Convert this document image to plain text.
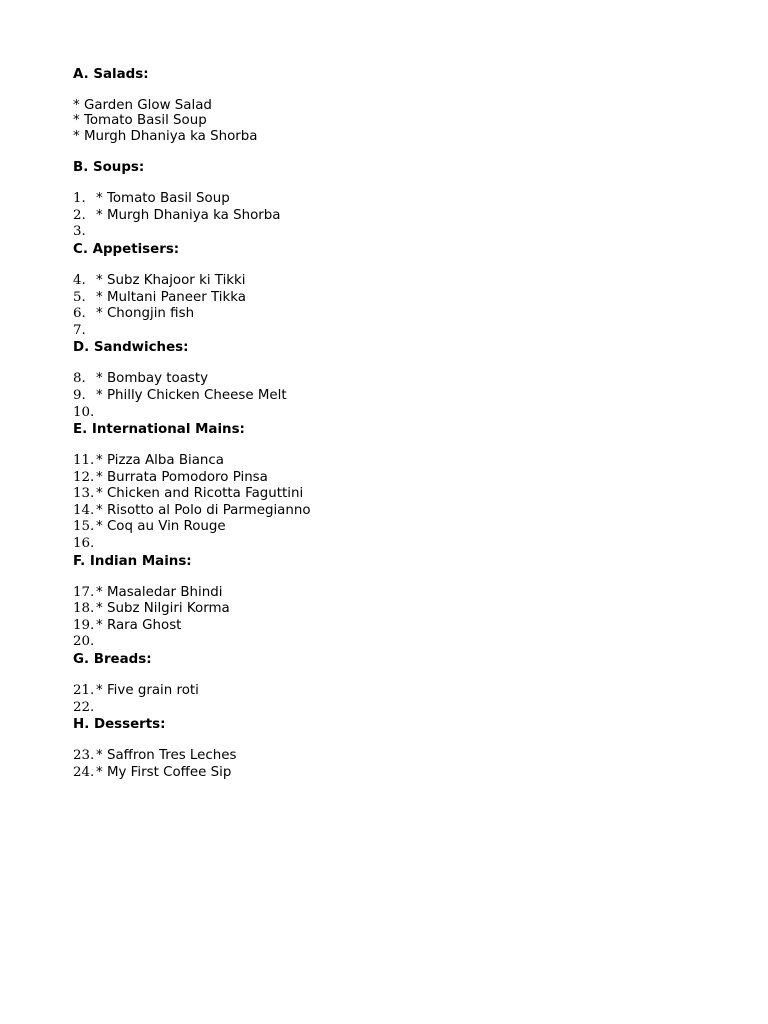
A. Salads:
* Garden Glow Salad
* Tomato Basil Soup
* Murgh Dhaniya ka Shorba
B. Soups:
1. * Tomato Basil Soup
2. * Murgh Dhaniya ka Shorba
3.
C. Appetisers:
4. * Subz Khajoor ki Tikki
5. * Multani Paneer Tikka
6. * Chongjin fish
7.
D. Sandwiches:
8. * Bombay toasty
9. * Philly Chicken Cheese Melt
10.
E. International Mains:
11. * Pizza Alba Bianca
12. * Burrata Pomodoro Pinsa
13. * Chicken and Ricotta Faguttini
14. * Risotto al Polo di Parmegianno
15. * Coq au Vin Rouge
16.
F. Indian Mains:
17. * Masaledar Bhindi
18. * Subz Nilgiri Korma
19. * Rara Ghost
20.
G. Breads:
21. * Five grain roti
22.
H. Desserts:
23. * Saffron Tres Leches
24. * My First Coffee Sip
